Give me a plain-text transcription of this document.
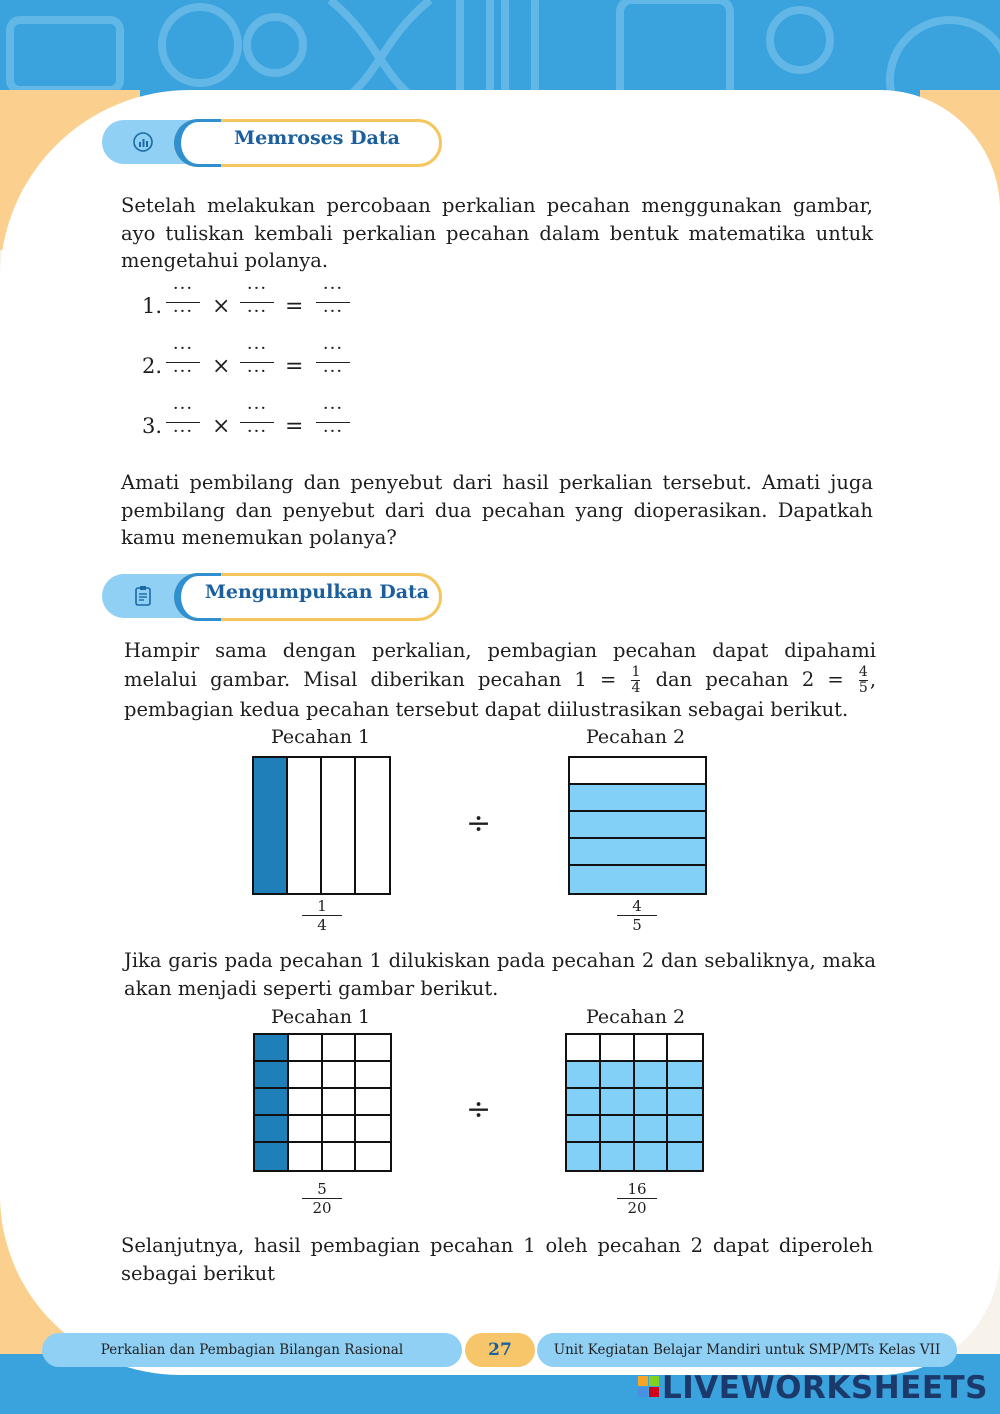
Memroses Data

Setelah melakukan percobaan perkalian pecahan menggunakan gambar, ayo tuliskan kembali perkalian pecahan dalam bentuk matematika untuk mengetahui polanya.

1.
···
··· ×
···
··· =
···
···
2.
···
··· ×
···
··· =
···
···
3.
···
··· ×
···
··· =
···
···

Amati pembilang dan penyebut dari hasil perkalian tersebut. Amati juga pembilang dan penyebut dari dua pecahan yang dioperasikan. Dapatkah kamu menemukan polanya?

Mengumpulkan Data

Hampir sama dengan perkalian, pembagian pecahan dapat dipahami melalui gambar. Misal diberikan pecahan $1 = \frac{1}{4}$ dan pecahan $2 = \frac{4}{5}$ , pembagian kedua pecahan tersebut dapat diilustrasikan sebagai berikut.

Pecahan 1	Pecahan 2
1
4
÷
4
5

Jika garis pada pecahan 1 dilukiskan pada pecahan 2 dan sebaliknya, maka akan menjadi seperti gambar berikut.

Pecahan 1	Pecahan 2
5
20
÷
16
20

Selanjutnya, hasil pembagian pecahan 1 oleh pecahan 2 dapat diperoleh sebagai berikut

Perkalian dan Pembagian Bilangan Rasional	27	Unit Kegiatan Belajar Mandiri untuk SMP/MTs Kelas VII
LIVEWORKSHEETS
